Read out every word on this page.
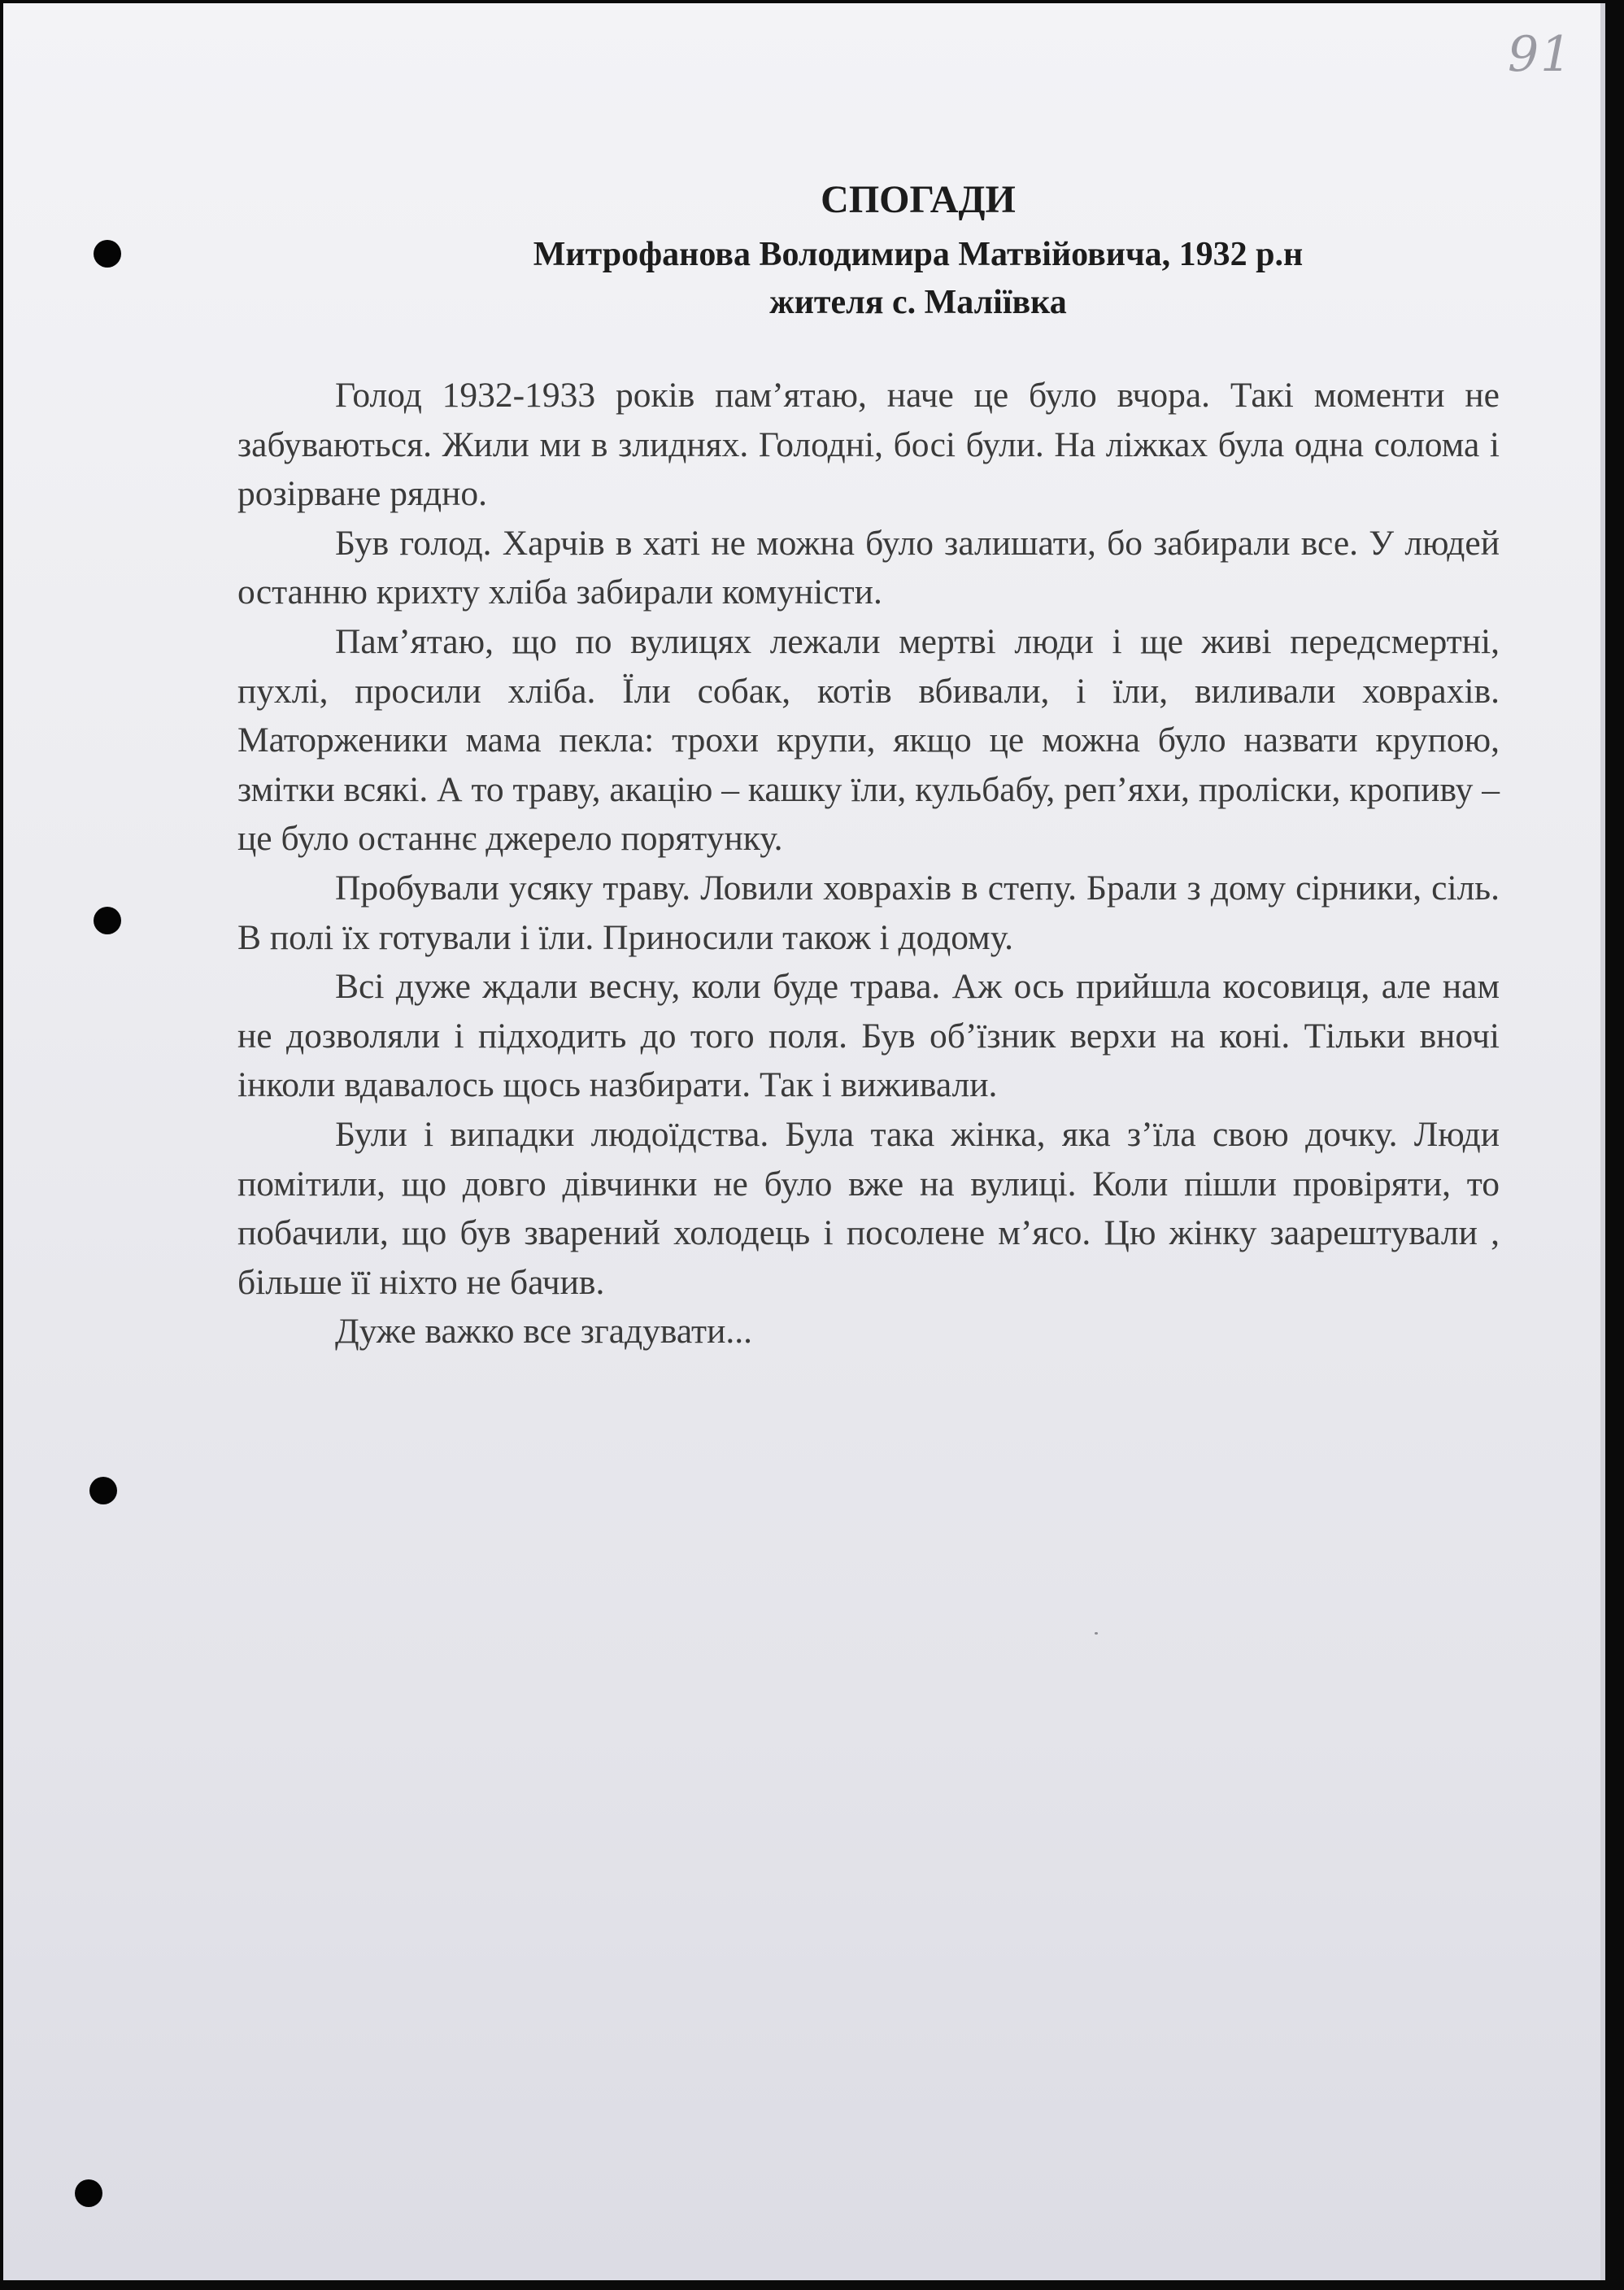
91
СПОГАДИ
Митрофанова Володимира Матвійовича, 1932 р.н
жителя с. Маліївка

Голод 1932-1933 років пам’ятаю, наче це було вчора. Такі моменти не забуваються. Жили ми в злиднях. Голодні, босі були. На ліжках була одна солома і розірване рядно.

Був голод. Харчів в хаті не можна було залишати, бо забирали все. У людей останню крихту хліба забирали комуністи.

Пам’ятаю, що по вулицях лежали мертві люди і ще живі передсмертні, пухлі, просили хліба. Їли собак, котів вбивали, і їли, виливали ховрахів. Маторженики мама пекла: трохи крупи, якщо це можна було назвати крупою, змітки всякі. А то траву, акацію – кашку їли, кульбабу, реп’яхи, проліски, кропиву – це було останнє джерело порятунку.

Пробували усяку траву. Ловили ховрахів в степу. Брали з дому сірники, сіль. В полі їх готували і їли. Приносили також і додому.

Всі дуже ждали весну, коли буде трава. Аж ось прийшла косовиця, але нам не дозволяли і підходить до того поля. Був об’їзник верхи на коні. Тільки вночі інколи вдавалось щось назбирати. Так і виживали.

Були і випадки людоїдства. Була така жінка, яка з’їла свою дочку. Люди помітили, що довго дівчинки не було вже на вулиці. Коли пішли провіряти, то побачили, що був зварений холодець і посолене м’ясо. Цю жінку заарештували , більше її ніхто не бачив.

Дуже важко все згадувати...
